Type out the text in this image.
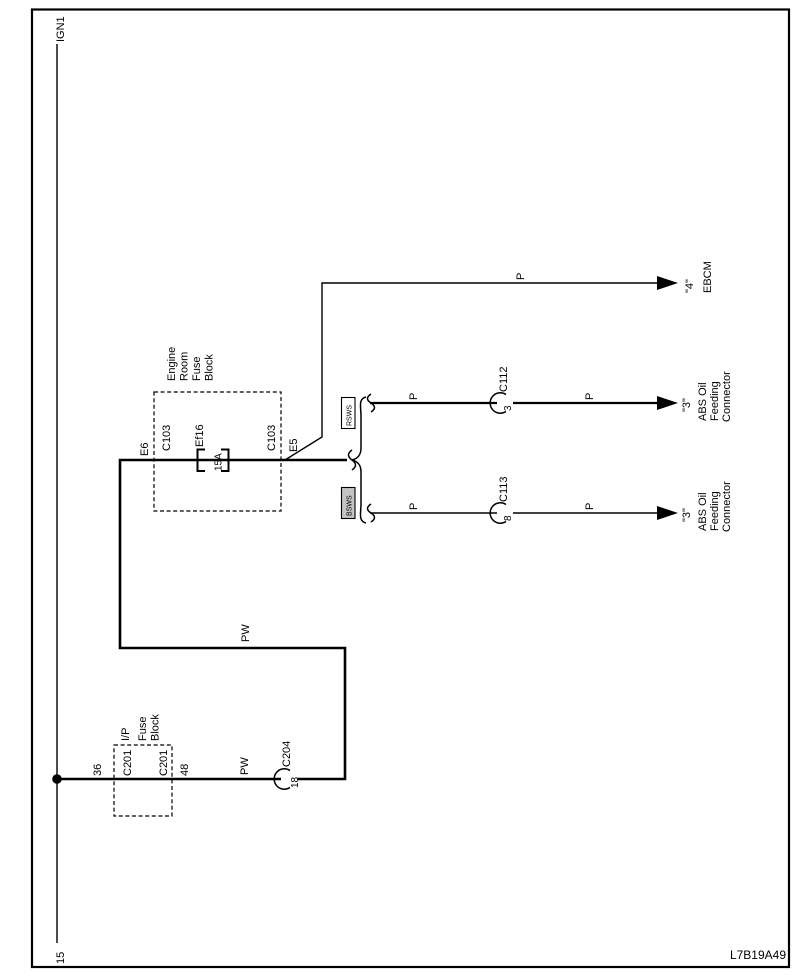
IGN1
15
Engine Room Fuse Block
E6 C103 Ef16
15A
C103 E5
I/P Fuse Block
36 C201 C201 48
PW
PW
P
P	P
P	P
C204
18
C112
3
C113
8
"4" EBCM
"3" ABS Oil Feeding Connector
"3" ABS Oil Feeding Connector
RSWS
BSWS
L7B19A49
